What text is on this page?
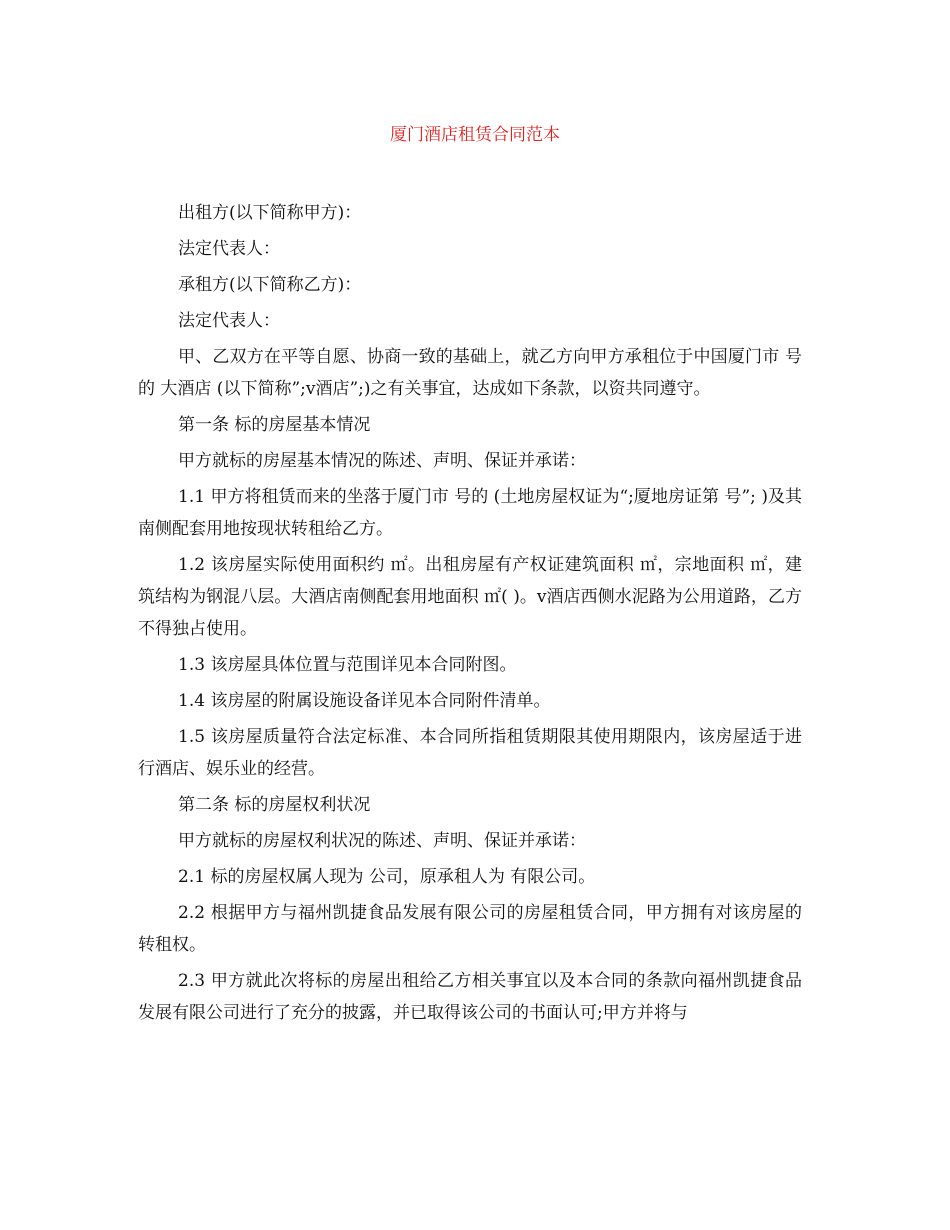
厦门酒店租赁合同范本

出租方(以下简称甲方)：

法定代表人：

承租方(以下简称乙方)：

法定代表人：

甲、乙双方在平等自愿、协商一致的基础上，就乙方向甲方承租位于中国厦门市 号的 大酒店 (以下简称”;ⅴ酒店”;)之有关事宜，达成如下条款，以资共同遵守。

第一条 标的房屋基本情况

甲方就标的房屋基本情况的陈述、声明、保证并承诺：

1.1 甲方将租赁而来的坐落于厦门市 号的 (土地房屋权证为“;厦地房证第 号”; )及其南侧配套用地按现状转租给乙方。

1.2 该房屋实际使用面积约 ㎡。出租房屋有产权证建筑面积 ㎡，宗地面积 ㎡，建筑结构为钢混八层。大酒店南侧配套用地面积 ㎡( )。ⅴ酒店西侧水泥路为公用道路，乙方不得独占使用。

1.3 该房屋具体位置与范围详见本合同附图。

1.4 该房屋的附属设施设备详见本合同附件清单。

1.5 该房屋质量符合法定标准、本合同所指租赁期限其使用期限内，该房屋适于进行酒店、娱乐业的经营。

第二条 标的房屋权利状况

甲方就标的房屋权利状况的陈述、声明、保证并承诺：

2.1 标的房屋权属人现为 公司，原承租人为 有限公司。

2.2 根据甲方与福州凯捷食品发展有限公司的房屋租赁合同，甲方拥有对该房屋的转租权。

2.3 甲方就此次将标的房屋出租给乙方相关事宜以及本合同的条款向福州凯捷食品发展有限公司进行了充分的披露，并已取得该公司的书面认可;甲方并将与
